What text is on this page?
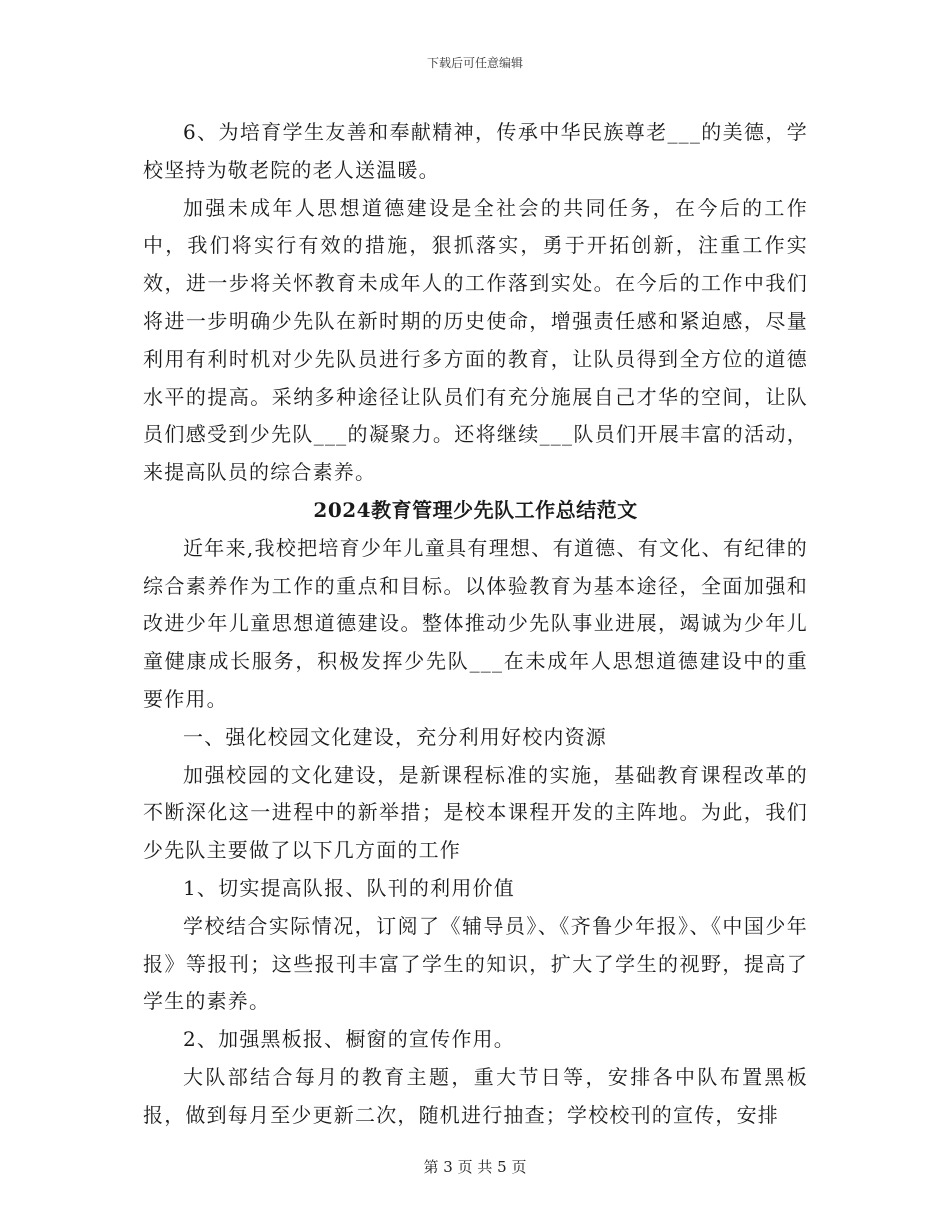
下载后可任意编辑

6、为培育学生友善和奉献精神，传承中华民族尊老___的美德，学校坚持为敬老院的老人送温暖。

加强未成年人思想道德建设是全社会的共同任务，在今后的工作中，我们将实行有效的措施，狠抓落实，勇于开拓创新，注重工作实效，进一步将关怀教育未成年人的工作落到实处。在今后的工作中我们将进一步明确少先队在新时期的历史使命，增强责任感和紧迫感，尽量利用有利时机对少先队员进行多方面的教育，让队员得到全方位的道德水平的提高。采纳多种途径让队员们有充分施展自己才华的空间，让队员们感受到少先队___的凝聚力。还将继续___队员们开展丰富的活动，来提高队员的综合素养。

2024教育管理少先队工作总结范文

近年来,我校把培育少年儿童具有理想、有道德、有文化、有纪律的综合素养作为工作的重点和目标。以体验教育为基本途径，全面加强和改进少年儿童思想道德建设。整体推动少先队事业进展，竭诚为少年儿童健康成长服务，积极发挥少先队___在未成年人思想道德建设中的重要作用。

一、强化校园文化建设，充分利用好校内资源

加强校园的文化建设，是新课程标准的实施，基础教育课程改革的不断深化这一进程中的新举措；是校本课程开发的主阵地。为此，我们少先队主要做了以下几方面的工作

1、切实提高队报、队刊的利用价值

学校结合实际情况，订阅了《辅导员》、《齐鲁少年报》、《中国少年报》等报刊；这些报刊丰富了学生的知识，扩大了学生的视野，提高了学生的素养。

2、加强黑板报、橱窗的宣传作用。

大队部结合每月的教育主题，重大节日等，安排各中队布置黑板报，做到每月至少更新二次，随机进行抽查；学校校刊的宣传，安排

第 3 页 共 5 页
